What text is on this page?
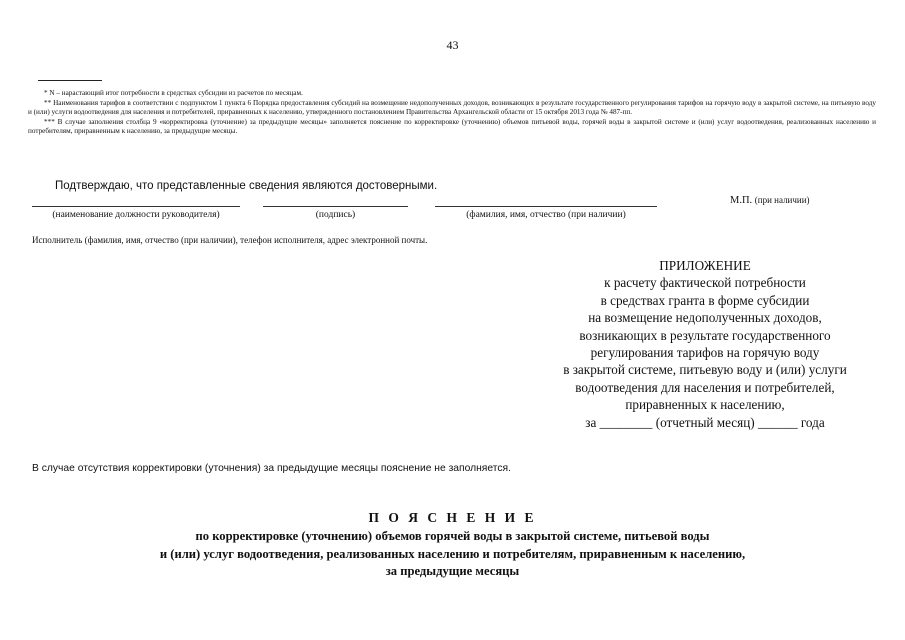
43

* N – нарастающий итог потребности в средствах субсидии из расчетов по месяцам.

** Наименования тарифов в соответствии с подпунктом 1 пункта 6 Порядка предоставления субсидий на возмещение недополученных доходов, возникающих в результате государственного регулирования тарифов на горячую воду в закрытой системе, на питьевую воду и (или) услуги водоотведения для населения и потребителей, приравненных к населению, утвержденного постановлением Правительства Архангельской области от 15 октября 2013 года № 487-пп.

*** В случае заполнения столбца 9 «корректировка (уточнение) за предыдущие месяцы» заполняется пояснение по корректировке (уточнению) объемов питьевой воды, горячей воды в закрытой системе и (или) услуг водоотведения, реализованных населению и потребителям, приравненным к населению, за предыдущие месяцы.

Подтверждаю, что представленные сведения являются достоверными.
(наименование должности руководителя)	(подпись)	(фамилия, имя, отчество (при наличии)
М.П. (при наличии)
Исполнитель (фамилия, имя, отчество (при наличии), телефон исполнителя, адрес электронной почты.
ПРИЛОЖЕНИЕ
к расчету фактической потребности
в средствах гранта в форме субсидии
на возмещение недополученных доходов,
возникающих в результате государственного
регулирования тарифов на горячую воду
в закрытой системе, питьевую воду и (или) услуги
водоотведения для населения и потребителей,
приравненных к населению,
за ________ (отчетный месяц) ______ года
В случае отсутствия корректировки (уточнения) за предыдущие месяцы пояснение не заполняется.
П О Я С Н Е Н И Е
по корректировке (уточнению) объемов горячей воды в закрытой системе, питьевой воды
и (или) услуг водоотведения, реализованных населению и потребителям, приравненным к населению,
за предыдущие месяцы
